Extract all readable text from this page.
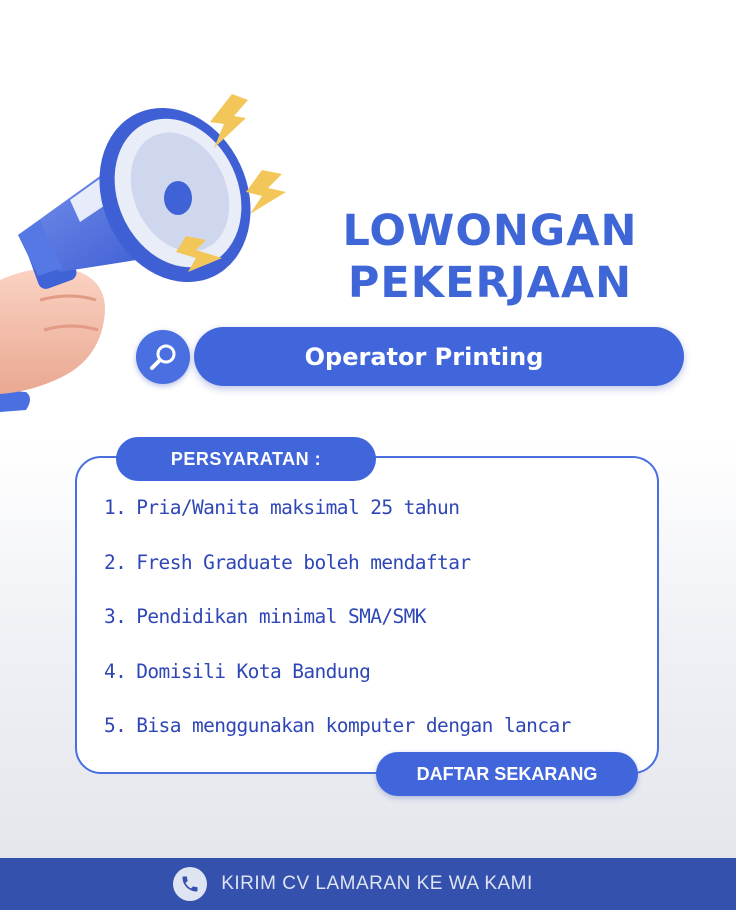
LOWONGAN
PEKERJAAN
Operator Printing
PERSYARATAN :
1. Pria/Wanita maksimal 25 tahun
2. Fresh Graduate boleh mendaftar
3. Pendidikan minimal SMA/SMK
4. Domisili Kota Bandung
5. Bisa menggunakan komputer dengan lancar
DAFTAR SEKARANG
KIRIM CV LAMARAN KE WA KAMI
